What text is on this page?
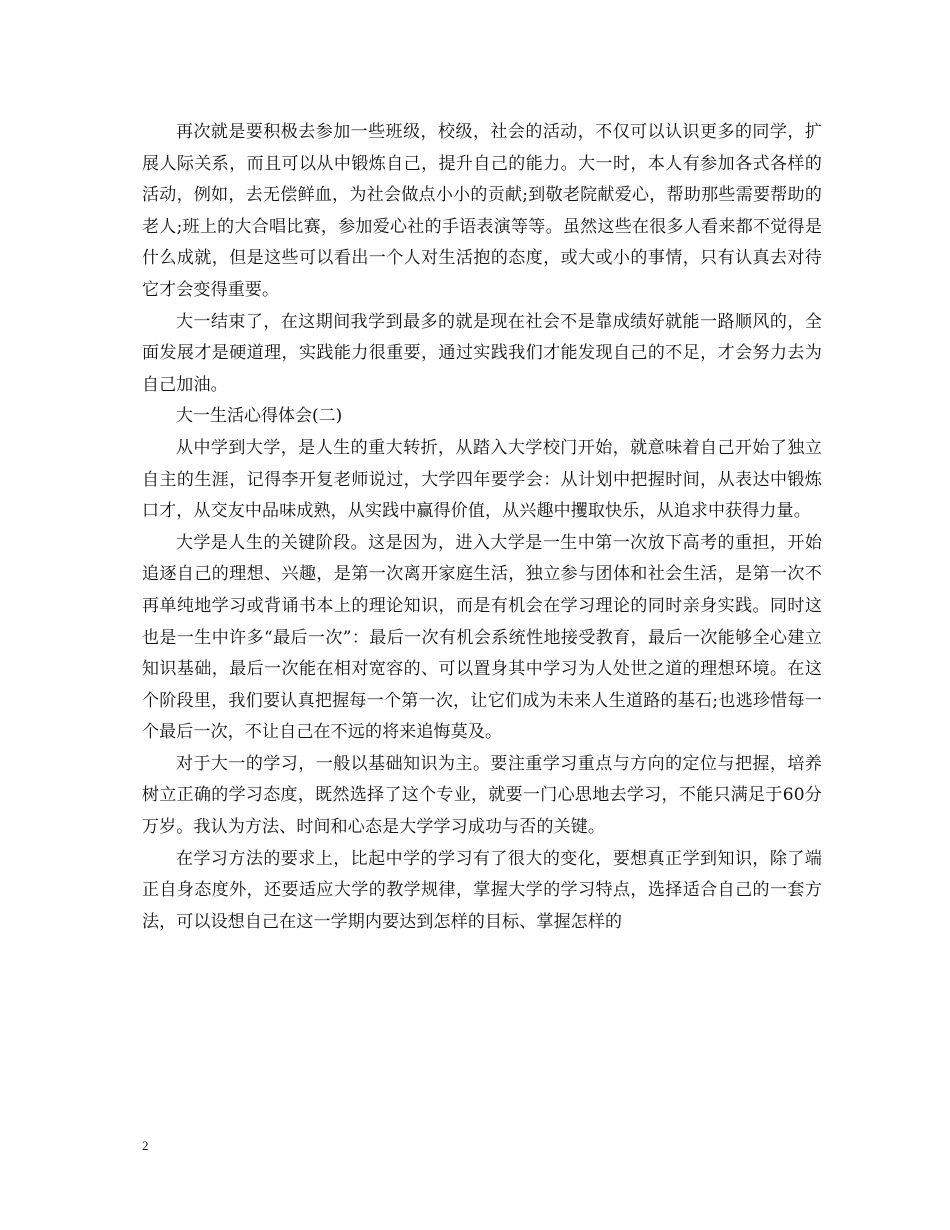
再次就是要积极去参加一些班级，校级，社会的活动，不仅可以认识更多的同学，扩展人际关系，而且可以从中锻炼自己，提升自己的能力。大一时，本人有参加各式各样的活动，例如，去无偿鲜血，为社会做点小小的贡献;到敬老院献爱心，帮助那些需要帮助的老人;班上的大合唱比赛，参加爱心社的手语表演等等。虽然这些在很多人看来都不觉得是什么成就，但是这些可以看出一个人对生活抱的态度，或大或小的事情，只有认真去对待它才会变得重要。

大一结束了，在这期间我学到最多的就是现在社会不是靠成绩好就能一路顺风的，全面发展才是硬道理，实践能力很重要，通过实践我们才能发现自己的不足，才会努力去为自己加油。

大一生活心得体会(二)

从中学到大学，是人生的重大转折，从踏入大学校门开始，就意味着自己开始了独立自主的生涯，记得李开复老师说过，大学四年要学会：从计划中把握时间，从表达中锻炼口才，从交友中品味成熟，从实践中赢得价值，从兴趣中攫取快乐，从追求中获得力量。

大学是人生的关键阶段。这是因为，进入大学是一生中第一次放下高考的重担，开始追逐自己的理想、兴趣，是第一次离开家庭生活，独立参与团体和社会生活，是第一次不再单纯地学习或背诵书本上的理论知识，而是有机会在学习理论的同时亲身实践。同时这也是一生中许多“最后一次”：最后一次有机会系统性地接受教育，最后一次能够全心建立知识基础，最后一次能在相对宽容的、可以置身其中学习为人处世之道的理想环境。在这个阶段里，我们要认真把握每一个第一次，让它们成为未来人生道路的基石;也逃珍惜每一个最后一次，不让自己在不远的将来追悔莫及。

对于大一的学习，一般以基础知识为主。要注重学习重点与方向的定位与把握，培养树立正确的学习态度，既然选择了这个专业，就要一门心思地去学习，不能只满足于60分万岁。我认为方法、时间和心态是大学学习成功与否的关键。

在学习方法的要求上，比起中学的学习有了很大的变化，要想真正学到知识，除了端正自身态度外，还要适应大学的教学规律，掌握大学的学习特点，选择适合自己的一套方法，可以设想自己在这一学期内要达到怎样的目标、掌握怎样的

2
